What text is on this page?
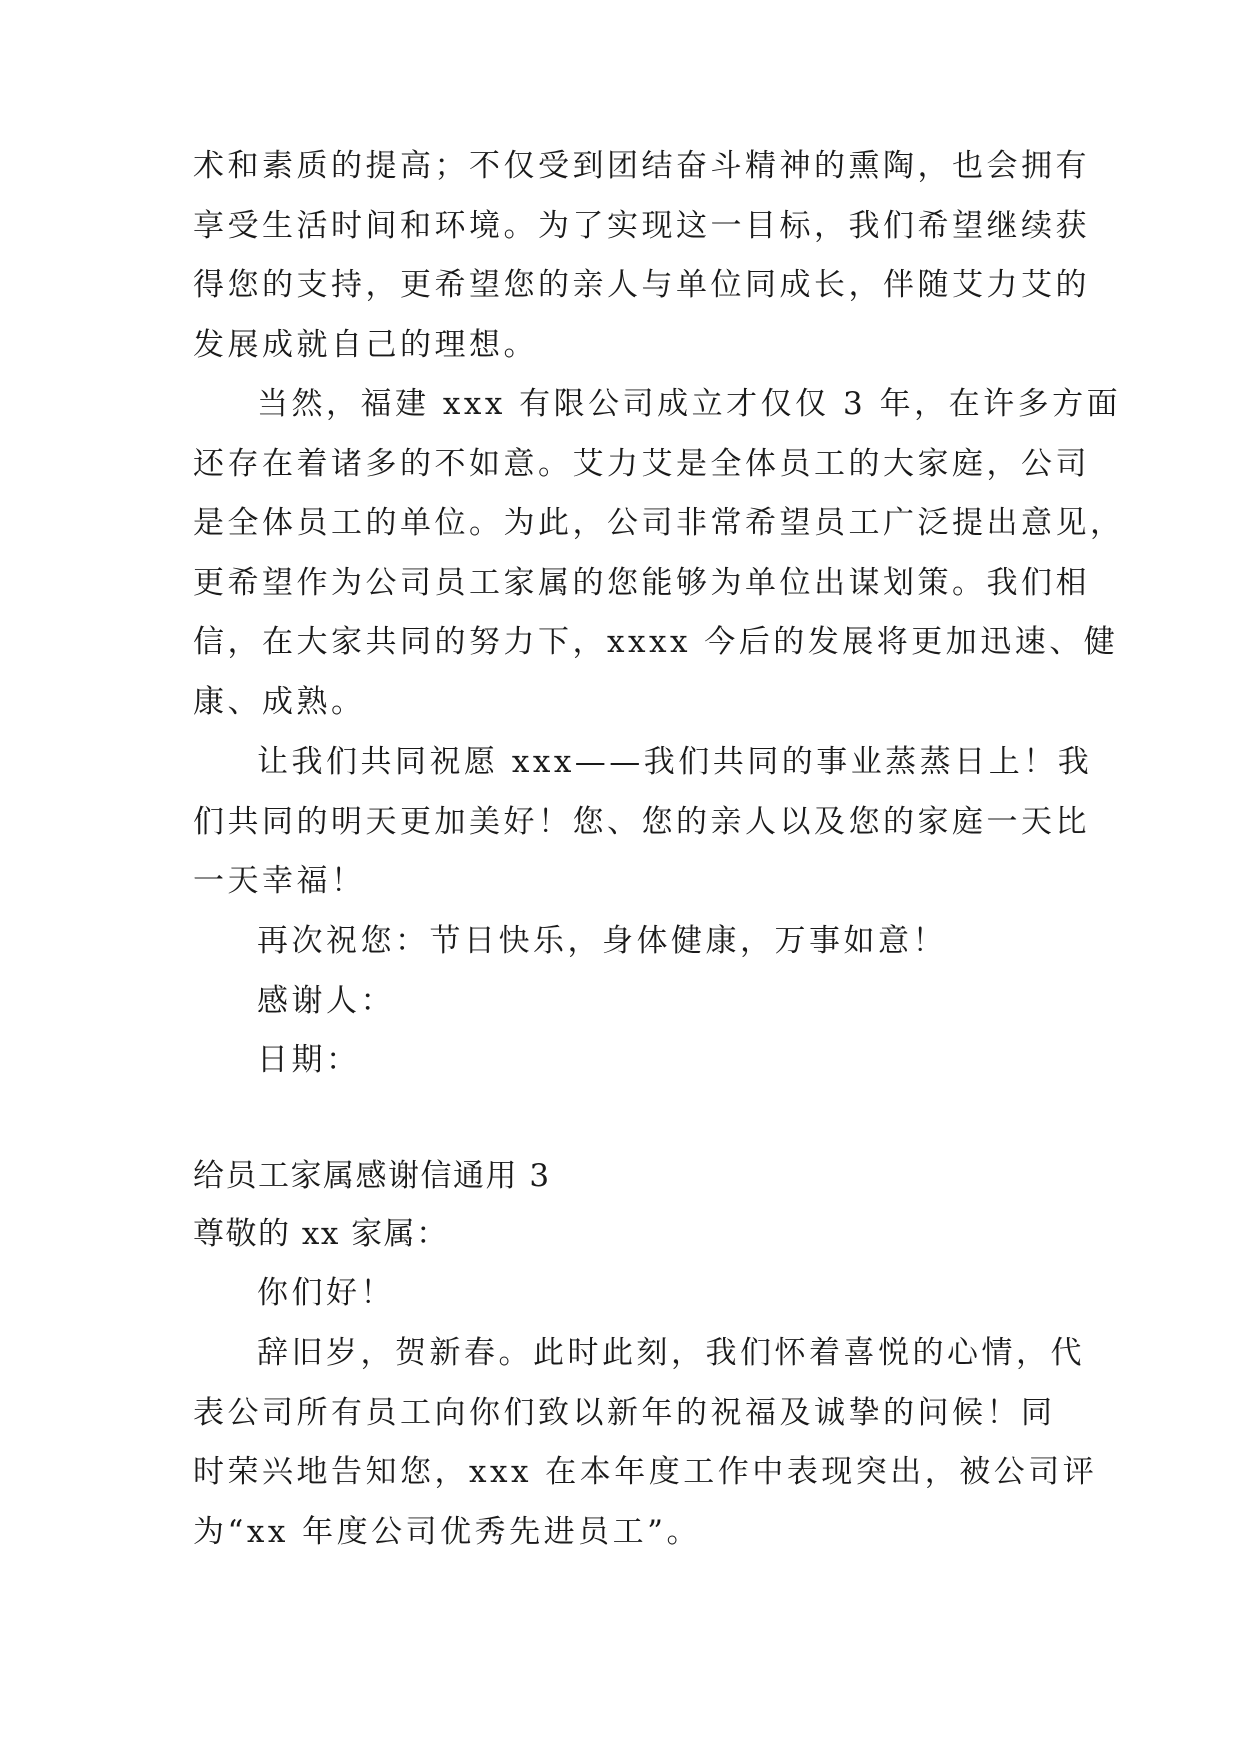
术和素质的提高；不仅受到团结奋斗精神的熏陶，也会拥有
享受生活时间和环境。为了实现这一目标，我们希望继续获
得您的支持，更希望您的亲人与单位同成长，伴随艾力艾的
发展成就自己的理想。

当然，福建 xxx 有限公司成立才仅仅 3 年，在许多方面
还存在着诸多的不如意。艾力艾是全体员工的大家庭，公司
是全体员工的单位。为此，公司非常希望员工广泛提出意见，
更希望作为公司员工家属的您能够为单位出谋划策。我们相
信，在大家共同的努力下，xxxx 今后的发展将更加迅速、健
康、成熟。

让我们共同祝愿 xxx——我们共同的事业蒸蒸日上！我
们共同的明天更加美好！您、您的亲人以及您的家庭一天比
一天幸福！

再次祝您：节日快乐，身体健康，万事如意！

感谢人：

日期：

给员工家属感谢信通用 3

尊敬的 xx 家属：

你们好！

辞旧岁，贺新春。此时此刻，我们怀着喜悦的心情，代
表公司所有员工向你们致以新年的祝福及诚挚的问候！同
时荣兴地告知您，xxx 在本年度工作中表现突出，被公司评
为“xx 年度公司优秀先进员工”。
